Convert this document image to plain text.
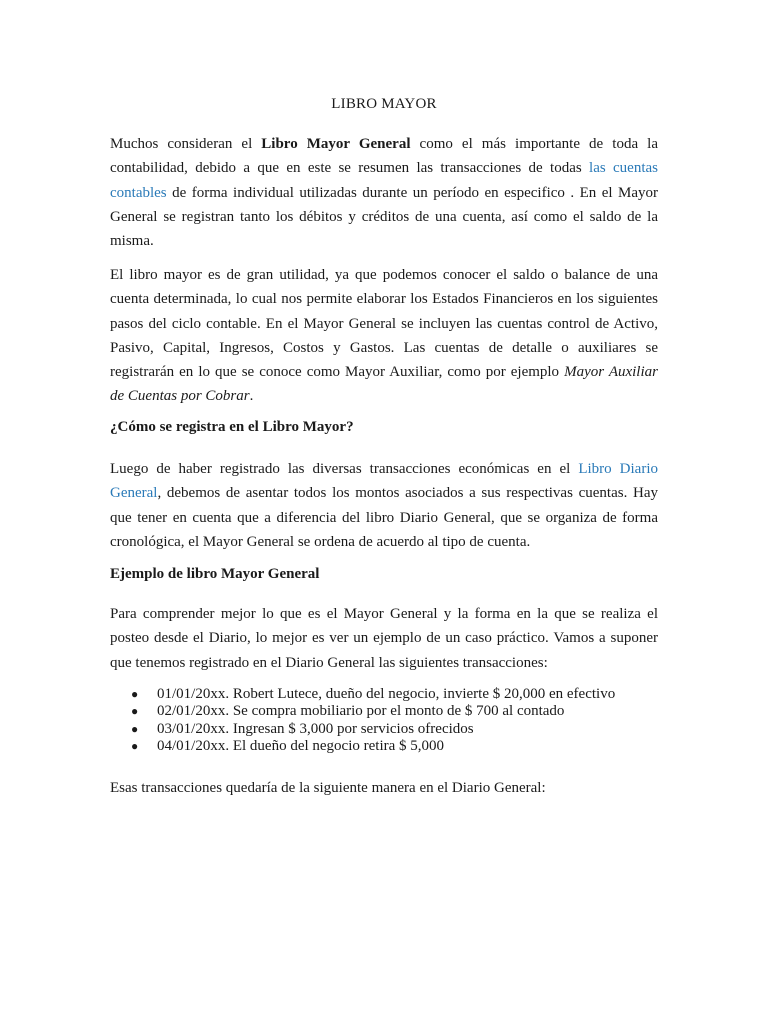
LIBRO MAYOR

Muchos consideran el Libro Mayor General como el más importante de toda la contabilidad, debido a que en este se resumen las transacciones de todas las cuentas contables de forma individual utilizadas durante un período en especifico . En el Mayor General se registran tanto los débitos y créditos de una cuenta, así como el saldo de la misma.

El libro mayor es de gran utilidad, ya que podemos conocer el saldo o balance de una cuenta determinada, lo cual nos permite elaborar los Estados Financieros en los siguientes pasos del ciclo contable. En el Mayor General se incluyen las cuentas control de Activo, Pasivo, Capital, Ingresos, Costos y Gastos. Las cuentas de detalle o auxiliares se registrarán en lo que se conoce como Mayor Auxiliar, como por ejemplo Mayor Auxiliar de Cuentas por Cobrar.

¿Cómo se registra en el Libro Mayor?

Luego de haber registrado las diversas transacciones económicas en el Libro Diario General, debemos de asentar todos los montos asociados a sus respectivas cuentas. Hay que tener en cuenta que a diferencia del libro Diario General, que se organiza de forma cronológica, el Mayor General se ordena de acuerdo al tipo de cuenta.

Ejemplo de libro Mayor General

Para comprender mejor lo que es el Mayor General y la forma en la que se realiza el posteo desde el Diario, lo mejor es ver un ejemplo de un caso práctico. Vamos a suponer que tenemos registrado en el Diario General las siguientes transacciones:

● 01/01/20xx. Robert Lutece, dueño del negocio, invierte $ 20,000 en efectivo
● 02/01/20xx. Se compra mobiliario por el monto de $ 700 al contado
● 03/01/20xx. Ingresan $ 3,000 por servicios ofrecidos
● 04/01/20xx. El dueño del negocio retira $ 5,000

Esas transacciones quedaría de la siguiente manera en el Diario General:
